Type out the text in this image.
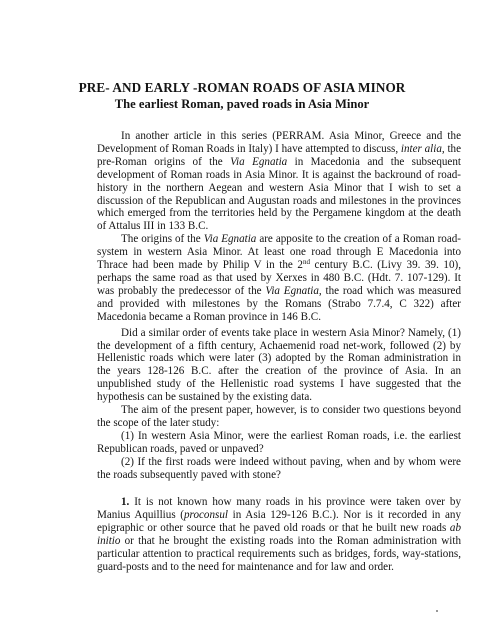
PRE- AND EARLY -ROMAN ROADS OF ASIA MINOR
The earliest Roman, paved roads in Asia Minor

In another article in this series (PERRAM. Asia Minor, Greece and the Development of Roman Roads in Italy) I have attempted to discuss, inter alia, the pre-Roman origins of the Via Egnatia in Macedonia and the subsequent development of Roman roads in Asia Minor. It is against the backround of road-history in the northern Aegean and western Asia Minor that I wish to set a discussion of the Republican and Augustan roads and milestones in the provinces which emerged from the territories held by the Pergamene kingdom at the death of Attalus III in 133 B.C.

The origins of the Via Egnatia are apposite to the creation of a Roman road-system in western Asia Minor. At least one road through E Macedonia into Thrace had been made by Philip V in the 2nd century B.C. (Livy 39. 39. 10), perhaps the same road as that used by Xerxes in 480 B.C. (Hdt. 7. 107-129). It was probably the predecessor of the Via Egnatia, the road which was measured and provided with milestones by the Romans (Strabo 7.7.4, C 322) after Macedonia became a Roman province in 146 B.C.

Did a similar order of events take place in western Asia Minor? Namely, (1) the development of a fifth century, Achaemenid road net-work, followed (2) by Hellenistic roads which were later (3) adopted by the Roman administration in the years 128-126 B.C. after the creation of the province of Asia. In an unpublished study of the Hellenistic road systems I have suggested that the hypothesis can be sustained by the existing data.

The aim of the present paper, however, is to consider two questions beyond the scope of the later study:

(1) In western Asia Minor, were the earliest Roman roads, i.e. the earliest Republican roads, paved or unpaved?

(2) If the first roads were indeed without paving, when and by whom were the roads subsequently paved with stone?

1. It is not known how many roads in his province were taken over by Manius Aquillius (proconsul in Asia 129-126 B.C.). Nor is it recorded in any epigraphic or other source that he paved old roads or that he built new roads ab initio or that he brought the existing roads into the Roman administration with particular attention to practical requirements such as bridges, fords, way-stations, guard-posts and to the need for maintenance and for law and order.
